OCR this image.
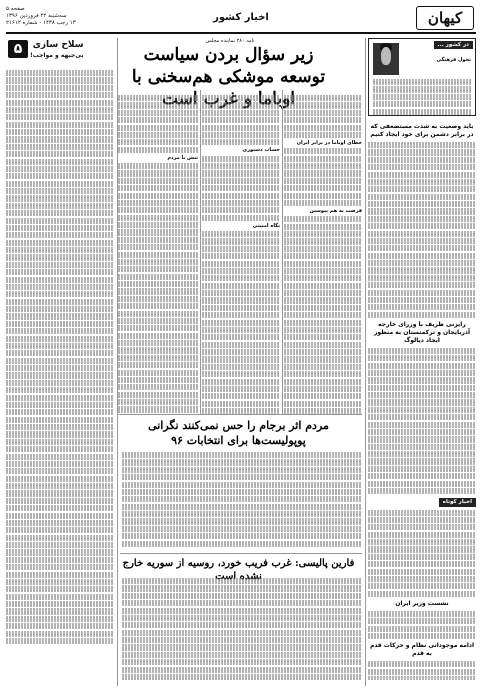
کیهان
اخبار کشور
صفحه ۵
سه‌شنبه ۲۲ فروردین ۱۳۹۶
۱۳ رجب ۱۴۳۸ - شماره ۲۱۶۱۲
نامه ۲۸۰ نماینده مجلس
زیر سؤال بردن سیاست توسعه موشکی هم‌سخنی با اوباما و غرب است
۵	سلاح سازی
بی‌جبهه و مواجب!
در کشور ...
تحول فرهنگی
باید وضعیت به شدت مستضعفی که در برابر دشمن برای خود ایجاد کنیم
رایزنی ظریف با وزرای خارجه آذربایجان و ترکمنستان به منظور ایجاد دیالوگ
اخبار کوتاه
نشست وزیر ایران
ادامه موجوداتی نظام و حرکات قدم به قدم
خطای اوباما در برابر ایران
فرصت به هم پیوستن
حساب دستوری
نگاه امنیتی
تنش با مردم
مردم اثر برجام را حس نمی‌کنند نگرانی پوپولیست‌ها برای انتخابات ۹۶
فارین پالیسی: غرب فریب خورد، روسیه از سوریه خارج نشده است
